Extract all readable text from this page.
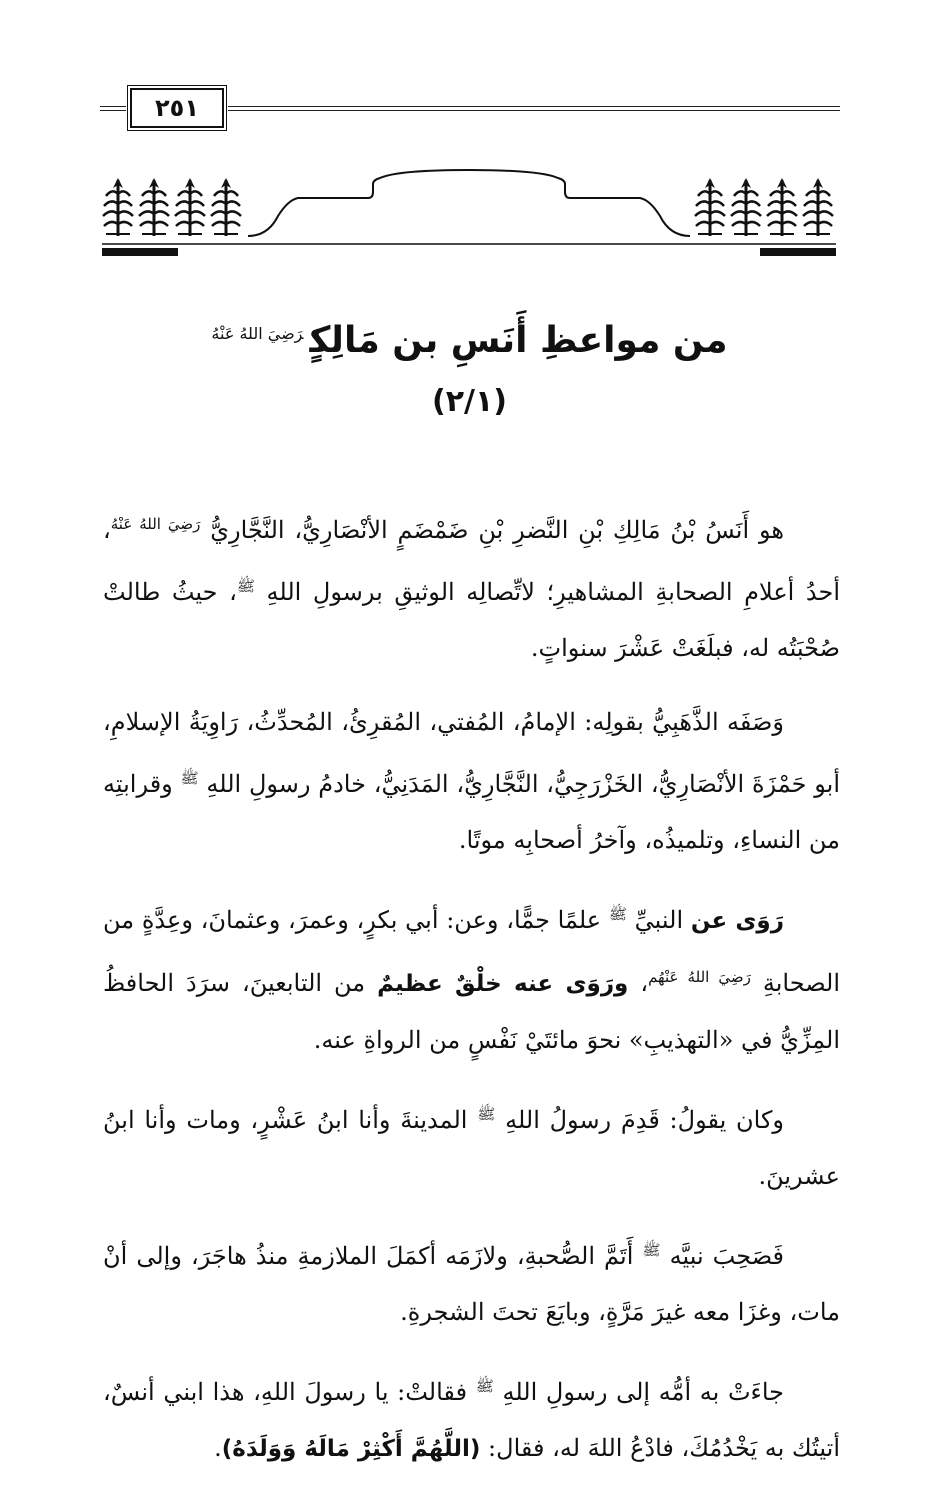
٢٥١
من مواعظِ أَنَسِ بن مَالِكٍ$^{رَضِيَ اللهُ عَنْهُ}$
(٢/١)

هو أَنَسُ بْنُ مَالِكِ بْنِ النَّضرِ بْنِ ضَمْضَمٍ الأنْصَارِيُّ، النَّجَّارِيُّ $^{رَضِيَ اللهُ عَنْهُ}$، أحدُ أعلامِ الصحابةِ المشاهيرِ؛ لاتِّصالِه الوثيقِ برسولِ اللهِ $^ﷺ$، حيثُ طالتْ صُحْبَتُه له، فبلَغَتْ عَشْرَ سنواتٍ.

وَصَفَه الذَّهَبِيُّ بقولِه: الإمامُ، المُفتي، المُقرِئُ، المُحدِّثُ، رَاوِيَةُ الإسلامِ، أبو حَمْزَةَ الأنْصَارِيُّ، الخَزْرَجِيُّ، النَّجَّارِيُّ، المَدَنِيُّ، خادمُ رسولِ اللهِ $^ﷺ$ وقرابتِه من النساءِ، وتلميذُه، وآخرُ أصحابِه موتًا.

رَوَى عن النبيِّ $^ﷺ$ علمًا جمًّا، وعن: أبي بكرٍ، وعمرَ، وعثمانَ، وعِدَّةٍ من الصحابةِ $^{رَضِيَ اللهُ عَنْهُم}$، ورَوَى عنه خلْقٌ عظيمٌ من التابعينَ، سرَدَ الحافظُ المِزِّيُّ في «التهذيبِ» نحوَ مائتَيْ نَفْسٍ من الرواةِ عنه.

وكان يقولُ: قَدِمَ رسولُ اللهِ $^ﷺ$ المدينةَ وأنا ابنُ عَشْرٍ، ومات وأنا ابنُ عشرينَ.

فَصَحِبَ نبيَّه $^ﷺ$ أَتَمَّ الصُّحبةِ، ولازَمَه أكمَلَ الملازمةِ منذُ هاجَرَ، وإلى أنْ مات، وغزَا معه غيرَ مَرَّةٍ، وبايَعَ تحتَ الشجرةِ.

جاءَتْ به أمُّه إلى رسولِ اللهِ $^ﷺ$ فقالتْ: يا رسولَ اللهِ، هذا ابني أنسٌ، أتيتُك به يَخْدُمُكَ، فادْعُ اللهَ له، فقال: (اللَّهُمَّ أَكْثِرْ مَالَهُ وَوَلَدَهُ).
